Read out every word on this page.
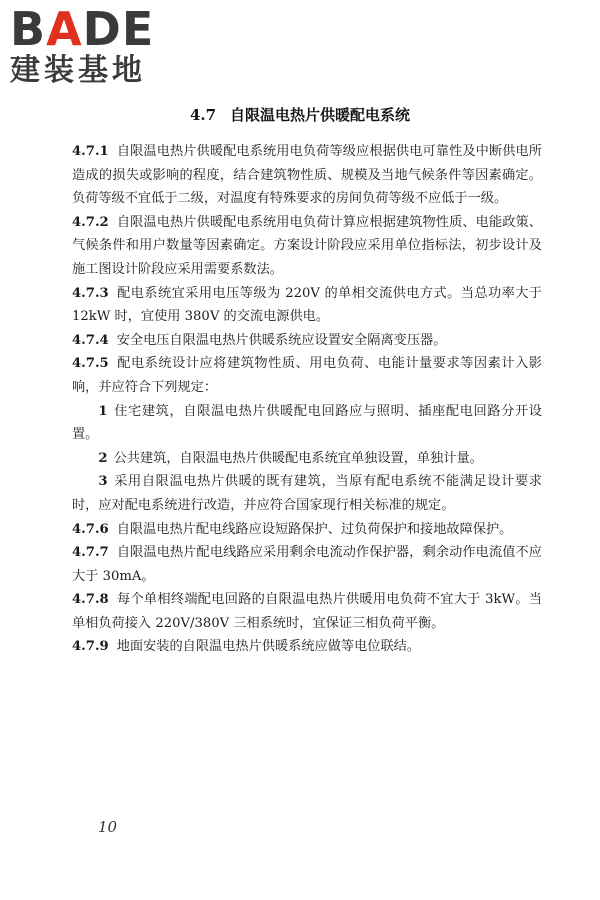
BADE
建装基地
4.7 自限温电热片供暖配电系统

4.7.1 自限温电热片供暖配电系统用电负荷等级应根据供电可靠性及中断供电所造成的损失或影响的程度，结合建筑物性质、规模及当地气候条件等因素确定。负荷等级不宜低于二级，对温度有特殊要求的房间负荷等级不应低于一级。

4.7.2 自限温电热片供暖配电系统用电负荷计算应根据建筑物性质、电能政策、气候条件和用户数量等因素确定。方案设计阶段应采用单位指标法，初步设计及施工图设计阶段应采用需要系数法。

4.7.3 配电系统宜采用电压等级为 220V 的单相交流供电方式。当总功率大于 12kW 时，宜使用 380V 的交流电源供电。

4.7.4 安全电压自限温电热片供暖系统应设置安全隔离变压器。

4.7.5 配电系统设计应将建筑物性质、用电负荷、电能计量要求等因素计入影响，并应符合下列规定：

1 住宅建筑，自限温电热片供暖配电回路应与照明、插座配电回路分开设置。

2 公共建筑，自限温电热片供暖配电系统宜单独设置，单独计量。

3 采用自限温电热片供暖的既有建筑，当原有配电系统不能满足设计要求时，应对配电系统进行改造，并应符合国家现行相关标准的规定。

4.7.6 自限温电热片配电线路应设短路保护、过负荷保护和接地故障保护。

4.7.7 自限温电热片配电线路应采用剩余电流动作保护器，剩余动作电流值不应大于 30mA。

4.7.8 每个单相终端配电回路的自限温电热片供暖用电负荷不宜大于 3kW。当单相负荷接入 220V/380V 三相系统时，宜保证三相负荷平衡。

4.7.9 地面安装的自限温电热片供暖系统应做等电位联结。

10
